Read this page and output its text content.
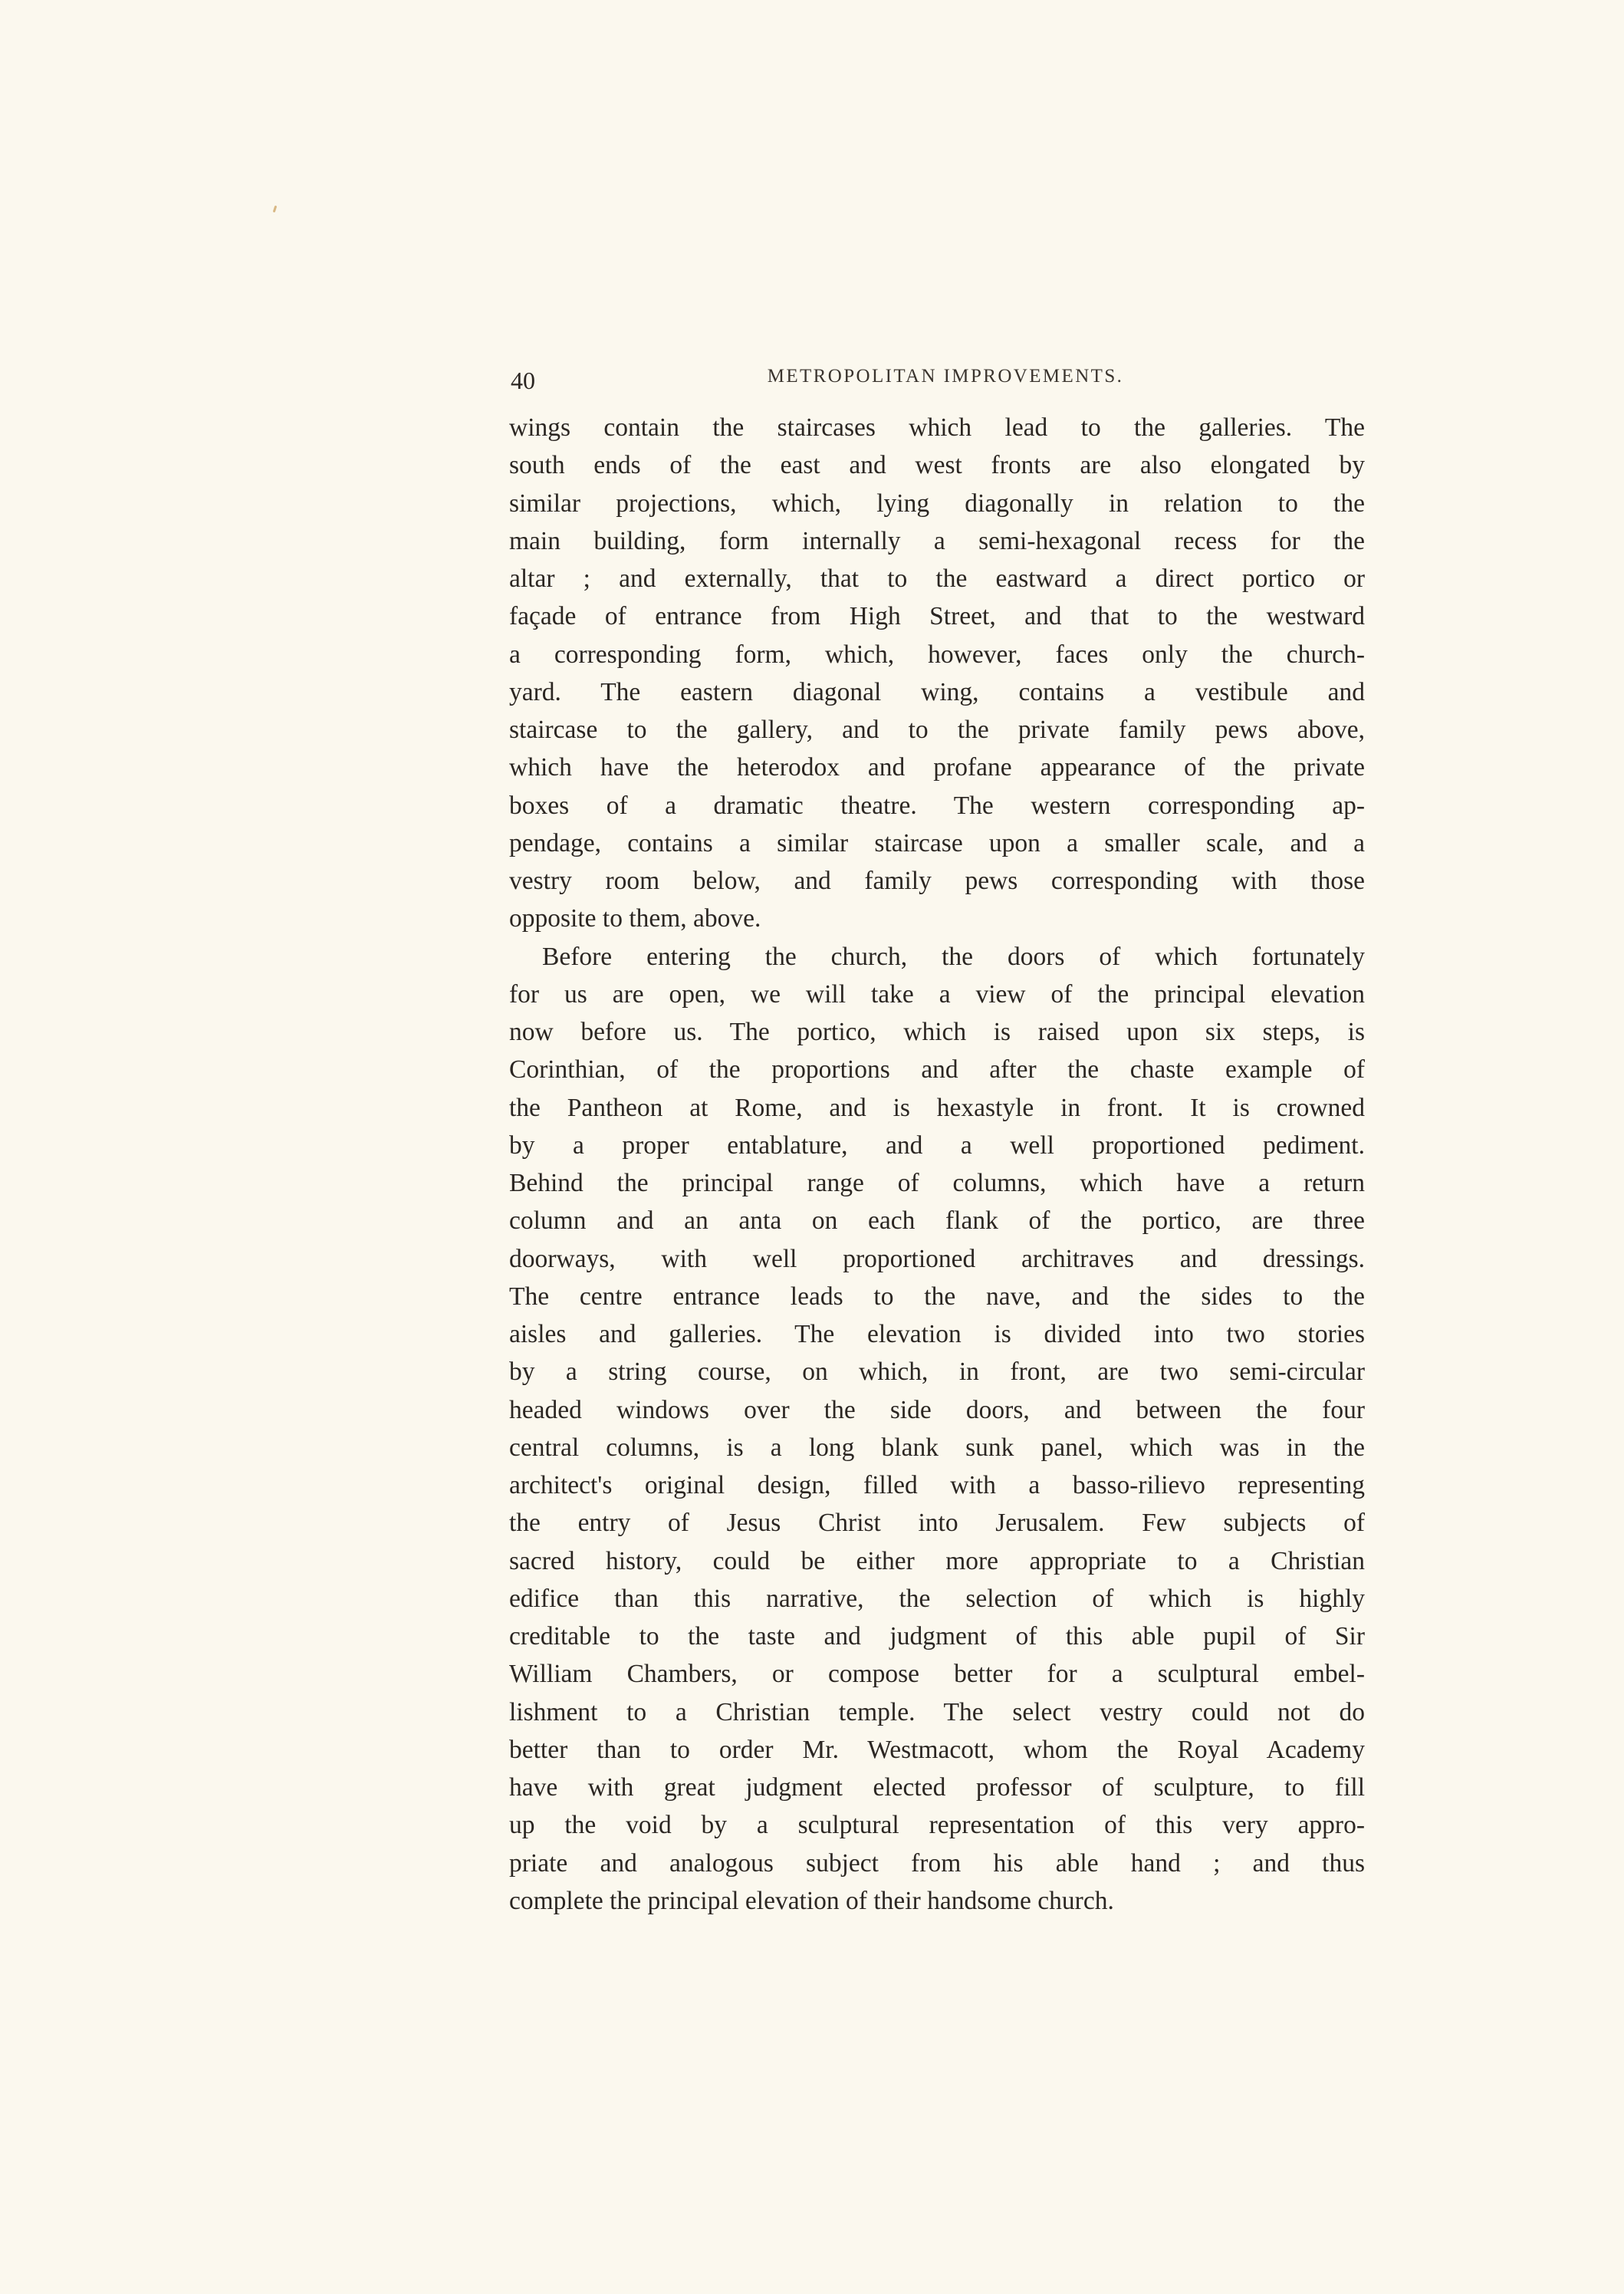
40	METROPOLITAN IMPROVEMENTS.
wings contain the staircases which lead to the galleries. The
south ends of the east and west fronts are also elongated by
similar projections, which, lying diagonally in relation to the
main building, form internally a semi-hexagonal recess for the
altar ; and externally, that to the eastward a direct portico or
façade of entrance from High Street, and that to the westward
a corresponding form, which, however, faces only the church-
yard. The eastern diagonal wing, contains a vestibule and
staircase to the gallery, and to the private family pews above,
which have the heterodox and profane appearance of the private
boxes of a dramatic theatre. The western corresponding ap-
pendage, contains a similar staircase upon a smaller scale, and a
vestry room below, and family pews corresponding with those
opposite to them, above.
Before entering the church, the doors of which fortunately
for us are open, we will take a view of the principal elevation
now before us. The portico, which is raised upon six steps, is
Corinthian, of the proportions and after the chaste example of
the Pantheon at Rome, and is hexastyle in front. It is crowned
by a proper entablature, and a well proportioned pediment.
Behind the principal range of columns, which have a return
column and an anta on each flank of the portico, are three
doorways, with well proportioned architraves and dressings.
The centre entrance leads to the nave, and the sides to the
aisles and galleries. The elevation is divided into two stories
by a string course, on which, in front, are two semi-circular
headed windows over the side doors, and between the four
central columns, is a long blank sunk panel, which was in the
architect's original design, filled with a basso-rilievo representing
the entry of Jesus Christ into Jerusalem. Few subjects of
sacred history, could be either more appropriate to a Christian
edifice than this narrative, the selection of which is highly
creditable to the taste and judgment of this able pupil of Sir
William Chambers, or compose better for a sculptural embel-
lishment to a Christian temple. The select vestry could not do
better than to order Mr. Westmacott, whom the Royal Academy
have with great judgment elected professor of sculpture, to fill
up the void by a sculptural representation of this very appro-
priate and analogous subject from his able hand ; and thus
complete the principal elevation of their handsome church.
